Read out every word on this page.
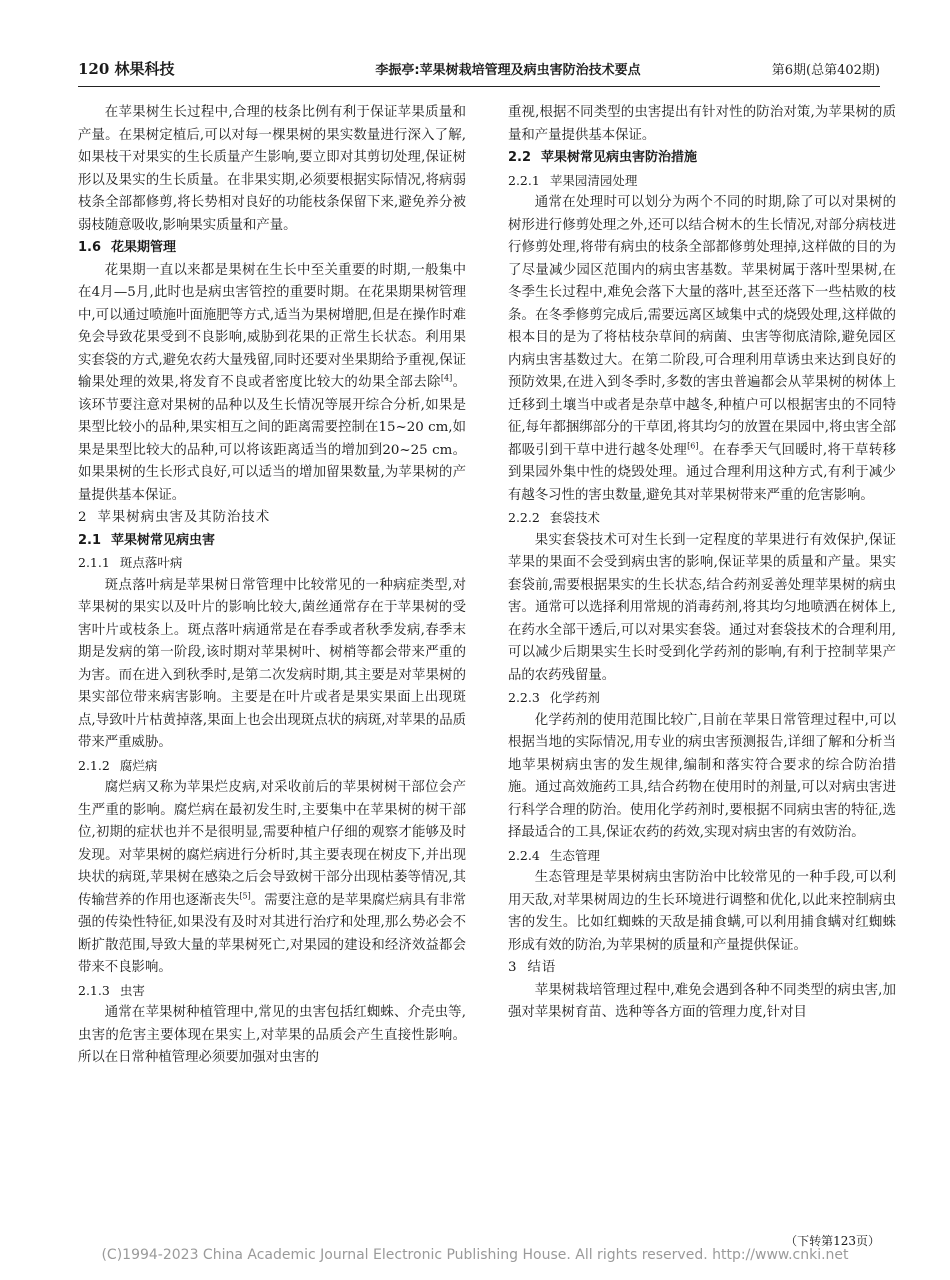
120 林果科技	李振亭:苹果树栽培管理及病虫害防治技术要点	第6期(总第402期)

在苹果树生长过程中,合理的枝条比例有利于保证苹果质量和产量。在果树定植后,可以对每一棵果树的果实数量进行深入了解,如果枝干对果实的生长质量产生影响,要立即对其剪切处理,保证树形以及果实的生长质量。在非果实期,必须要根据实际情况,将病弱枝条全部都修剪,将长势相对良好的功能枝条保留下来,避免养分被弱枝随意吸收,影响果实质量和产量。

1.6 花果期管理

花果期一直以来都是果树在生长中至关重要的时期,一般集中在4月—5月,此时也是病虫害管控的重要时期。在花果期果树管理中,可以通过喷施叶面施肥等方式,适当为果树增肥,但是在操作时难免会导致花果受到不良影响,威胁到花果的正常生长状态。利用果实套袋的方式,避免农药大量残留,同时还要对坐果期给予重视,保证输果处理的效果,将发育不良或者密度比较大的幼果全部去除[4]。该环节要注意对果树的品种以及生长情况等展开综合分析,如果是果型比较小的品种,果实相互之间的距离需要控制在15~20 cm,如果是果型比较大的品种,可以将该距离适当的增加到20~25 cm。如果果树的生长形式良好,可以适当的增加留果数量,为苹果树的产量提供基本保证。

2 苹果树病虫害及其防治技术
2.1 苹果树常见病虫害
2.1.1 斑点落叶病

斑点落叶病是苹果树日常管理中比较常见的一种病症类型,对苹果树的果实以及叶片的影响比较大,菌丝通常存在于苹果树的受害叶片或枝条上。斑点落叶病通常是在春季或者秋季发病,春季末期是发病的第一阶段,该时期对苹果树叶、树梢等都会带来严重的为害。而在进入到秋季时,是第二次发病时期,其主要是对苹果树的果实部位带来病害影响。主要是在叶片或者是果实果面上出现斑点,导致叶片枯黄掉落,果面上也会出现斑点状的病斑,对苹果的品质带来严重威胁。

2.1.2 腐烂病

腐烂病又称为苹果烂皮病,对采收前后的苹果树树干部位会产生严重的影响。腐烂病在最初发生时,主要集中在苹果树的树干部位,初期的症状也并不是很明显,需要种植户仔细的观察才能够及时发现。对苹果树的腐烂病进行分析时,其主要表现在树皮下,并出现块状的病斑,苹果树在感染之后会导致树干部分出现枯萎等情况,其传输营养的作用也逐渐丧失[5]。需要注意的是苹果腐烂病具有非常强的传染性特征,如果没有及时对其进行治疗和处理,那么势必会不断扩散范围,导致大量的苹果树死亡,对果园的建设和经济效益都会带来不良影响。

2.1.3 虫害

通常在苹果树种植管理中,常见的虫害包括红蜘蛛、介壳虫等,虫害的危害主要体现在果实上,对苹果的品质会产生直接性影响。所以在日常种植管理必须要加强对虫害的

重视,根据不同类型的虫害提出有针对性的防治对策,为苹果树的质量和产量提供基本保证。

2.2 苹果树常见病虫害防治措施
2.2.1 苹果园清园处理

通常在处理时可以划分为两个不同的时期,除了可以对果树的树形进行修剪处理之外,还可以结合树木的生长情况,对部分病枝进行修剪处理,将带有病虫的枝条全部都修剪处理掉,这样做的目的为了尽量减少园区范围内的病虫害基数。苹果树属于落叶型果树,在冬季生长过程中,难免会落下大量的落叶,甚至还落下一些枯败的枝条。在冬季修剪完成后,需要远离区域集中式的烧毁处理,这样做的根本目的是为了将枯枝杂草间的病菌、虫害等彻底清除,避免园区内病虫害基数过大。在第二阶段,可合理利用草诱虫来达到良好的预防效果,在进入到冬季时,多数的害虫普遍都会从苹果树的树体上迁移到土壤当中或者是杂草中越冬,种植户可以根据害虫的不同特征,每年都捆绑部分的干草团,将其均匀的放置在果园中,将虫害全部都吸引到干草中进行越冬处理[6]。在春季天气回暖时,将干草转移到果园外集中性的烧毁处理。通过合理利用这种方式,有利于减少有越冬习性的害虫数量,避免其对苹果树带来严重的危害影响。

2.2.2 套袋技术

果实套袋技术可对生长到一定程度的苹果进行有效保护,保证苹果的果面不会受到病虫害的影响,保证苹果的质量和产量。果实套袋前,需要根据果实的生长状态,结合药剂妥善处理苹果树的病虫害。通常可以选择利用常规的消毒药剂,将其均匀地喷洒在树体上,在药水全部干透后,可以对果实套袋。通过对套袋技术的合理利用,可以减少后期果实生长时受到化学药剂的影响,有利于控制苹果产品的农药残留量。

2.2.3 化学药剂

化学药剂的使用范围比较广,目前在苹果日常管理过程中,可以根据当地的实际情况,用专业的病虫害预测报告,详细了解和分析当地苹果树病虫害的发生规律,编制和落实符合要求的综合防治措施。通过高效施药工具,结合药物在使用时的剂量,可以对病虫害进行科学合理的防治。使用化学药剂时,要根据不同病虫害的特征,选择最适合的工具,保证农药的药效,实现对病虫害的有效防治。

2.2.4 生态管理

生态管理是苹果树病虫害防治中比较常见的一种手段,可以利用天敌,对苹果树周边的生长环境进行调整和优化,以此来控制病虫害的发生。比如红蜘蛛的天敌是捕食螨,可以利用捕食螨对红蜘蛛形成有效的防治,为苹果树的质量和产量提供保证。

3 结语

苹果树栽培管理过程中,难免会遇到各种不同类型的病虫害,加强对苹果树育苗、选种等各方面的管理力度,针对目

（下转第123页）
(C)1994-2023 China Academic Journal Electronic Publishing House. All rights reserved. http://www.cnki.net
